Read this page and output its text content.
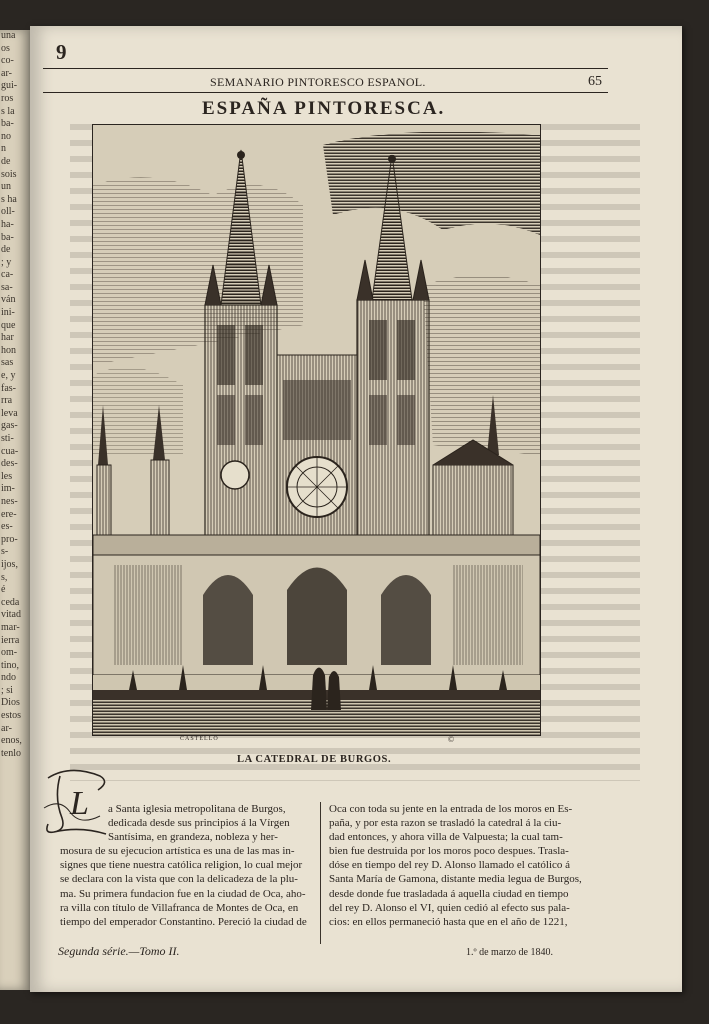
una
os
co-
ar-
gui-
ros
s la
ba-
no
n
de
sois
un
s ha
oll-
ha-
ba-
de
; y
ca-
sa-
ván
ini-
que
har
hon
sas
e, y
fas-
rra
leva
gas-
sti-
cua-
des-
les
im-
nes-
ere-
es-
pro-
s-
ijos,
s,
é
ceda
vitad
mar-
ierra
om-
tino,
ndo
; si
Dios
estos
ar-
enos,
tenlo
9
SEMANARIO PINTORESCO ESPANOL.	65
ESPAÑA PINTORESCA.
CASTELLO	©
LA CATEDRAL DE BURGOS.
L	a Santa iglesia metropolitana de Burgos,
dedicada desde sus principios á la Vírgen
Santísima, en grandeza, nobleza y her-
mosura de su ejecucion artística es una de las mas in-
signes que tiene nuestra católica religion, lo cual mejor
se declara con la vista que con la delicadeza de la plu-
ma. Su primera fundacion fue en la ciudad de Oca, aho-
ra villa con título de Villafranca de Montes de Oca, en
tiempo del emperador Constantino. Pereció la ciudad de
Oca con toda su jente en la entrada de los moros en Es-
paña, y por esta razon se trasladó la catedral á la ciu-
dad entonces, y ahora villa de Valpuesta; la cual tam-
bien fue destruida por los moros poco despues. Trasla-
dóse en tiempo del rey D. Alonso llamado el católico á
Santa María de Gamona, distante media legua de Burgos,
desde donde fue trasladada á aquella ciudad en tiempo
del rey D. Alonso el VI, quien cedió al efecto sus pala-
cios: en ellos permaneció hasta que en el año de 1221,
Segunda série.—Tomo II.	1.º de marzo de 1840.
